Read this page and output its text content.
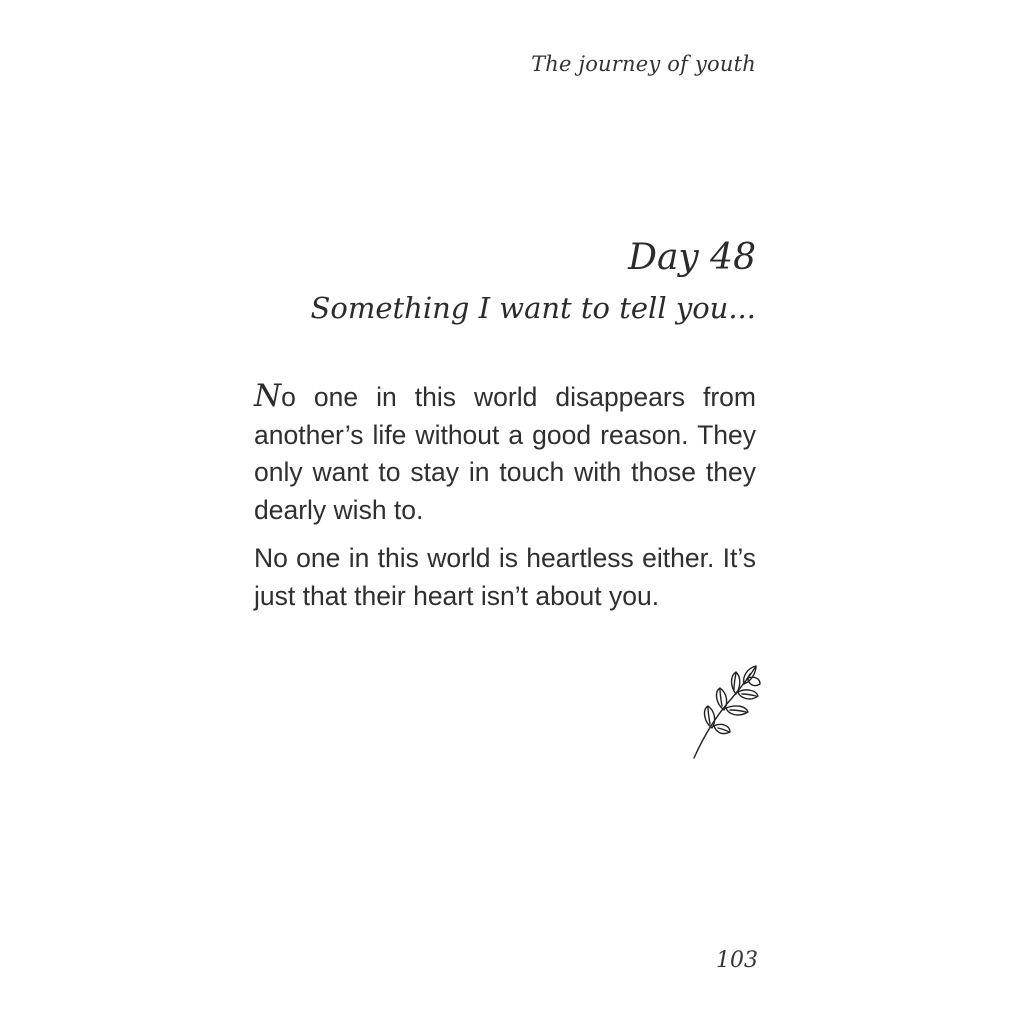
The journey of youth
Day 48
Something I want to tell you...

No one in this world disappears from another’s life without a good reason. They only want to stay in touch with those they dearly wish to.

No one in this world is heartless either. It’s just that their heart isn’t about you.

103
